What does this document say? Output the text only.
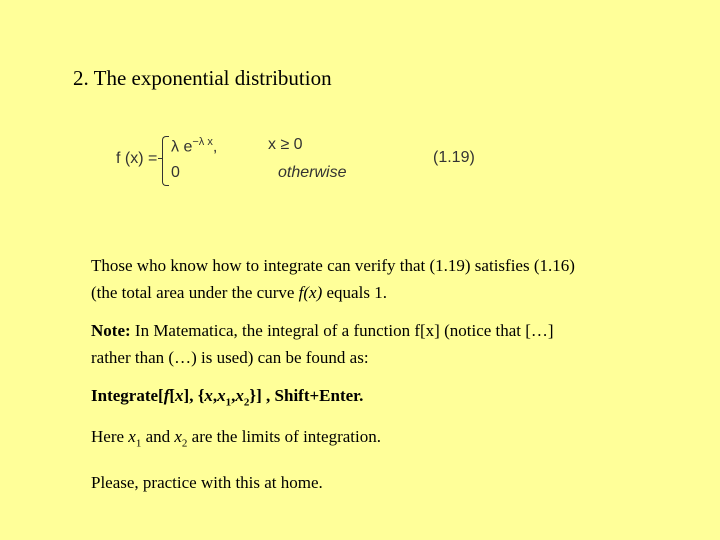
2. The exponential distribution
f (x) =
λ $e^{-\lambda x}$,	x ≥ 0
0	otherwise
(1.19)

Those who know how to integrate can verify that (1.19) satisfies (1.16)
(the total area under the curve f(x) equals 1.

Note: In Matematica, the integral of a function f[x] (notice that […]
rather than (…) is used) can be found as:

Integrate[f[x], $\{x,x_1,x_2\}$] , Shift+Enter.

Here $x_1$ and $x_2$ are the limits of integration.

Please, practice with this at home.
